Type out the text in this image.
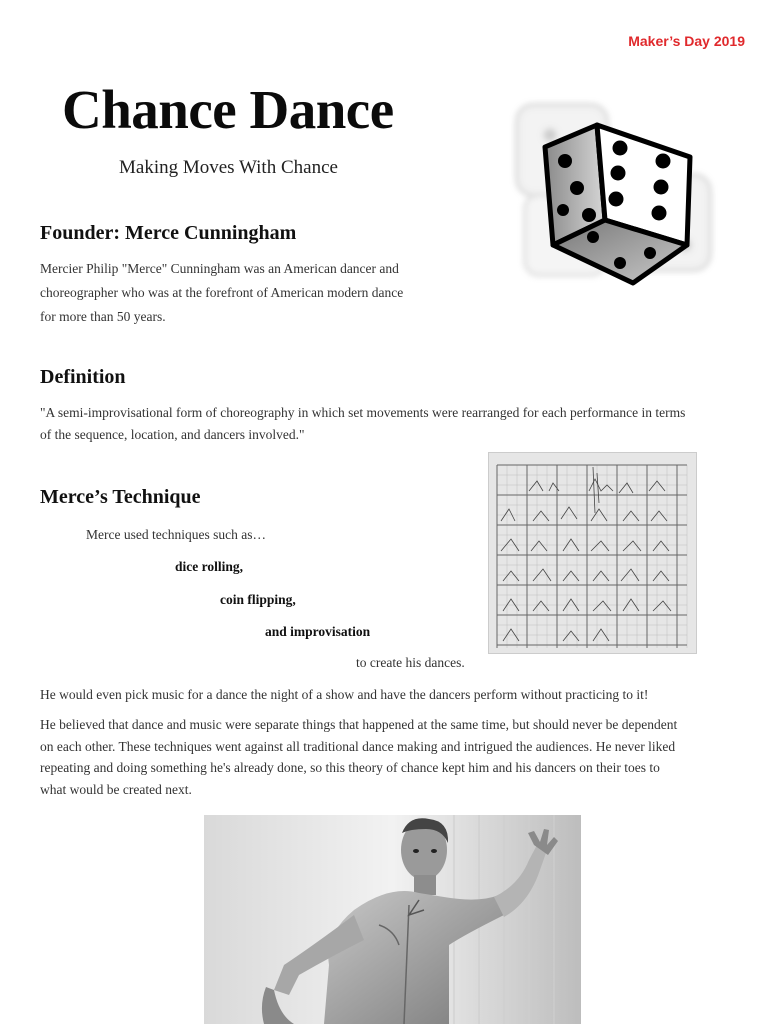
Maker’s Day 2019
Chance Dance
Making Moves With Chance
Founder: Merce Cunningham
Mercier Philip "Merce" Cunningham was an American dancer and
choreographer who was at the forefront of American modern dance
for more than 50 years.
Definition
"A semi-improvisational form of choreography in which set movements were rearranged for each performance in terms
of the sequence, location, and dancers involved."
Merce’s Technique
Merce used techniques such as…
dice rolling,
coin flipping,
and improvisation
to create his dances.
He would even pick music for a dance the night of a show and have the dancers perform without practicing to it!
He believed that dance and music were separate things that happened at the same time, but should never be dependent
on each other. These techniques went against all traditional dance making and intrigued the audiences. He never liked
repeating and doing something he's already done, so this theory of chance kept him and his dancers on their toes to
what would be created next.
